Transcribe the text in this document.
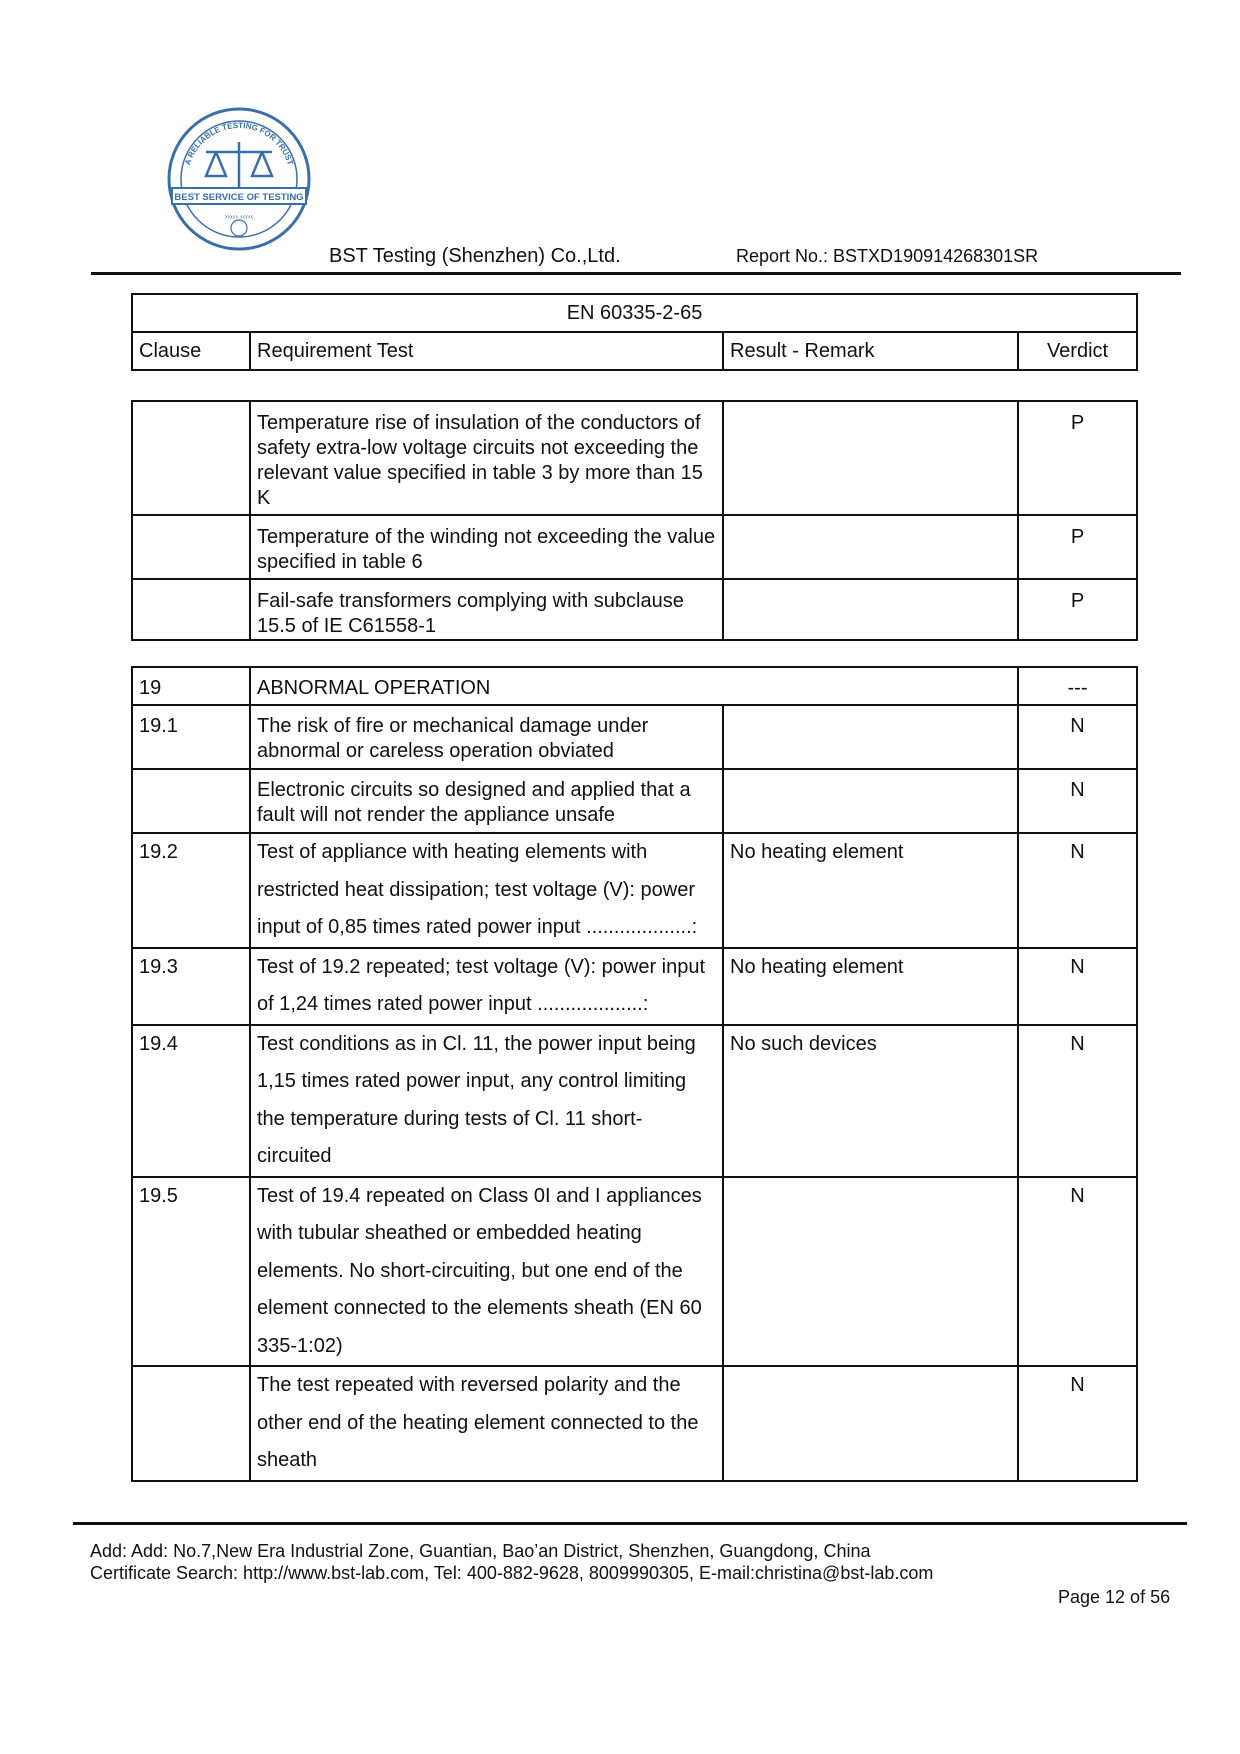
A RELIABLE TESTING FOR TRUST
BEST SERVICE OF TESTING
››››› ‹‹‹‹‹
BST Testing (Shenzhen) Co.,Ltd.	Report No.: BSTXD190914268301SR
EN 60335-2-65
Clause	Requirement Test	Result - Remark	Verdict
	Temperature rise of insulation of the conductors of safety extra-low voltage circuits not exceeding the relevant value specified in table 3 by more than 15 K		P
	Temperature of the winding not exceeding the value specified in table 6		P
	Fail-safe transformers complying with subclause 15.5 of IE C61558-1		P
19	ABNORMAL OPERATION		---
19.1	The risk of fire or mechanical damage under abnormal or careless operation obviated		N
	Electronic circuits so designed and applied that a fault will not render the appliance unsafe		N
19.2	Test of appliance with heating elements with restricted heat dissipation; test voltage (V): power input of 0,85 times rated power input ...................:	No heating element	N
19.3	Test of 19.2 repeated; test voltage (V): power input of 1,24 times rated power input ...................:	No heating element	N
19.4	Test conditions as in Cl. 11, the power input being 1,15 times rated power input, any control limiting the temperature during tests of Cl. 11 short-circuited	No such devices	N
19.5	Test of 19.4 repeated on Class 0I and I appliances with tubular sheathed or embedded heating elements. No short-circuiting, but one end of the element connected to the elements sheath (EN 60 335-1:02)		N
	The test repeated with reversed polarity and the other end of the heating element connected to the sheath		N
Add: Add: No.7,New Era Industrial Zone, Guantian, Bao’an District, Shenzhen, Guangdong, China
Certificate Search: http://www.bst-lab.com, Tel: 400-882-9628, 8009990305, E-mail:christina@bst-lab.com
Page 12 of 56
